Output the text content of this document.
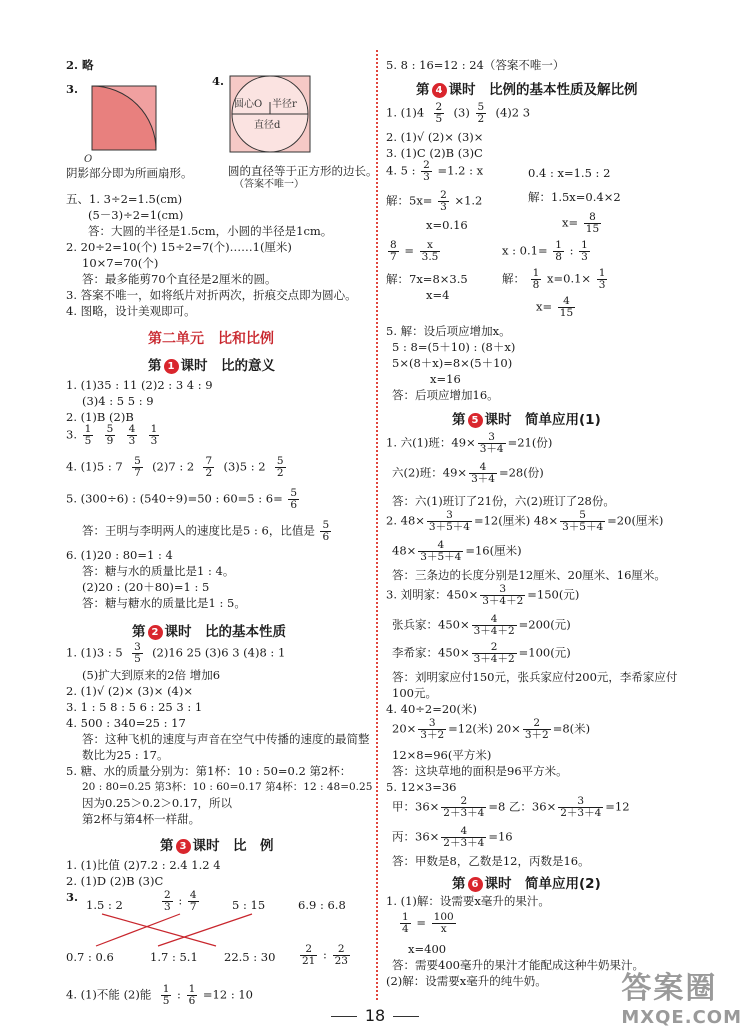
2. 略
3.
O
4.
圆心O 半径r
直径d
阴影部分即为所画扇形。	圆的直径等于正方形的边长。
（答案不唯一）
五、1. 3÷2=1.5(cm)
(5－3)÷2=1(cm)
答：大圆的半径是1.5cm，小圆的半径是1cm。
2. 20÷2=10(个) 15÷2=7(个)……1(厘米)
10×7=70(个)
答：最多能剪70个直径是2厘米的圆。
3. 答案不唯一，如将纸片对折两次，折痕交点即为圆心。
4. 图略，设计美观即可。
第二单元　比和比例
第 1 课时　比的意义
1. (1)35 : 11 (2)2 : 3 4 : 9
(3)4 : 5 5 : 9
2. (1)B (2)B
3. $\frac{1}{5}$
$\frac{5}{9}$
$\frac{4}{3}$
$\frac{1}{3}$
4. (1)5 : $7 \frac{5}{7} (2)7$ : $2 \frac{7}{2} (3)5$ : $2 \frac{5}{2}$
5. (300÷6) : (540÷9)=50 : 60=5 : $6= \frac{5}{6}$
答：王明与李明两人的速度比是5 : 6，比值是 $\frac{5}{6}$
6. (1)20 : 80=1 : 4
答：糖与水的质量比是1 : 4。
(2)20 : (20＋80)=1 : 5
答：糖与糖水的质量比是1 : 5。
第 2 课时　比的基本性质
1. (1)3 : $5 \frac{3}{5} (2)16$ 25 (3)6 3 (4)8 : 1
(5)扩大到原来的2倍 增加6
2. (1)√ (2)× (3)× (4)×
3. 1 : 5 8 : 5 6 : 25 3 : 1
4. 500 : 340=25 : 17
答：这种飞机的速度与声音在空气中传播的速度的最简整
数比为25 : 17。
5. 糖、水的质量分别为：第1杯：10 : 50=0.2 第2杯：
20 : 80=0.25 第3杯：10 : 60=0.17 第4杯：12 : 48=0.25
因为0.25＞0.2＞0.17，所以
第2杯与第4杯一样甜。
第 3 课时　比　例
1. (1)比值 (2)7.2 : 2.4 1.2 4
2. (1)D (2)B (3)C
3.
1.5 : 2	$\frac{2}{3}$ : $\frac{4}{7}$	5 : 15	6.9 : 6.8
0.7 : 0.6	1.7 : 5.1 22.5 : $30 \frac{2}{21}$ : $\frac{2}{23}$
4. (1)不能 (2)能 $\frac{1}{5}$ : $\frac{1}{6} =12$ : 10
5. 8 : 16=12 : 24（答案不唯一）
第 4 课时　比例的基本性质及解比例
1. $(1)4 \frac{2}{5} (3) \frac{5}{2} (4)2$ 3
2. (1)√ (2)× (3)×
3. (1)C (2)B (3)C
4. 5 : $\frac{2}{3} =1.2$ : x	0.4 : x=1.5 : 2
解：$5x= \frac{2}{3} \times 1.2$	解：1.5x=0.4×2
x=0.16	$x= \frac{8}{15}$
$\frac{8}{7} = \frac{x}{3.5}$	x : $0.1= \frac{1}{8}$ : $\frac{1}{3}$
解：7x=8×3.5	解： $\frac{1}{8} x=0.1\times \frac{1}{3}$
x=4
$x= \frac{4}{15}$
5. 解：设后项应增加x。
5 : 8=(5＋10) : (8＋x)
5×(8＋x)=8×(5＋10)
x=16
答：后项应增加16。
第 5 课时　简单应用(1)
1. 六(1)班：$49\times \frac{3}{3+4} =21$(份)
六(2)班：$49\times \frac{4}{3+4} =28$(份)
答：六(1)班订了21份，六(2)班订了28份。
2. $48\times \frac{3}{3+5+4} =12$(厘米) $48\times \frac{5}{3+5+4} =20$(厘米)
$48\times \frac{4}{3+5+4} =16$(厘米)
答：三条边的长度分别是12厘米、20厘米、16厘米。
3. 刘明家：$450\times \frac{3}{3+4+2} =150$(元)
张兵家：$450\times \frac{4}{3+4+2} =200$(元)
李希家：$450\times \frac{2}{3+4+2} =100$(元)
答：刘明家应付150元，张兵家应付200元，李希家应付
100元。
4. 40÷2=20(米)
$20\times \frac{3}{3+2} =12$(米) $20\times \frac{2}{3+2} =8$(米)
12×8=96(平方米)
答：这块草地的面积是96平方米。
5. 12×3=36
甲：$36\times \frac{2}{2+3+4} =8$ 乙：$36\times \frac{3}{2+3+4} =12$
丙：$36\times \frac{4}{2+3+4} =16$
答：甲数是8，乙数是12，丙数是16。
第 6 课时　简单应用(2)
1. (1)解：设需要x毫升的果汁。
$\frac{1}{4} = \frac{100}{x}$
x=400
答：需要400毫升的果汁才能配成这种牛奶果汁。
(2)解：设需要x毫升的纯牛奶。
18
答案圈
MXQE.COM
